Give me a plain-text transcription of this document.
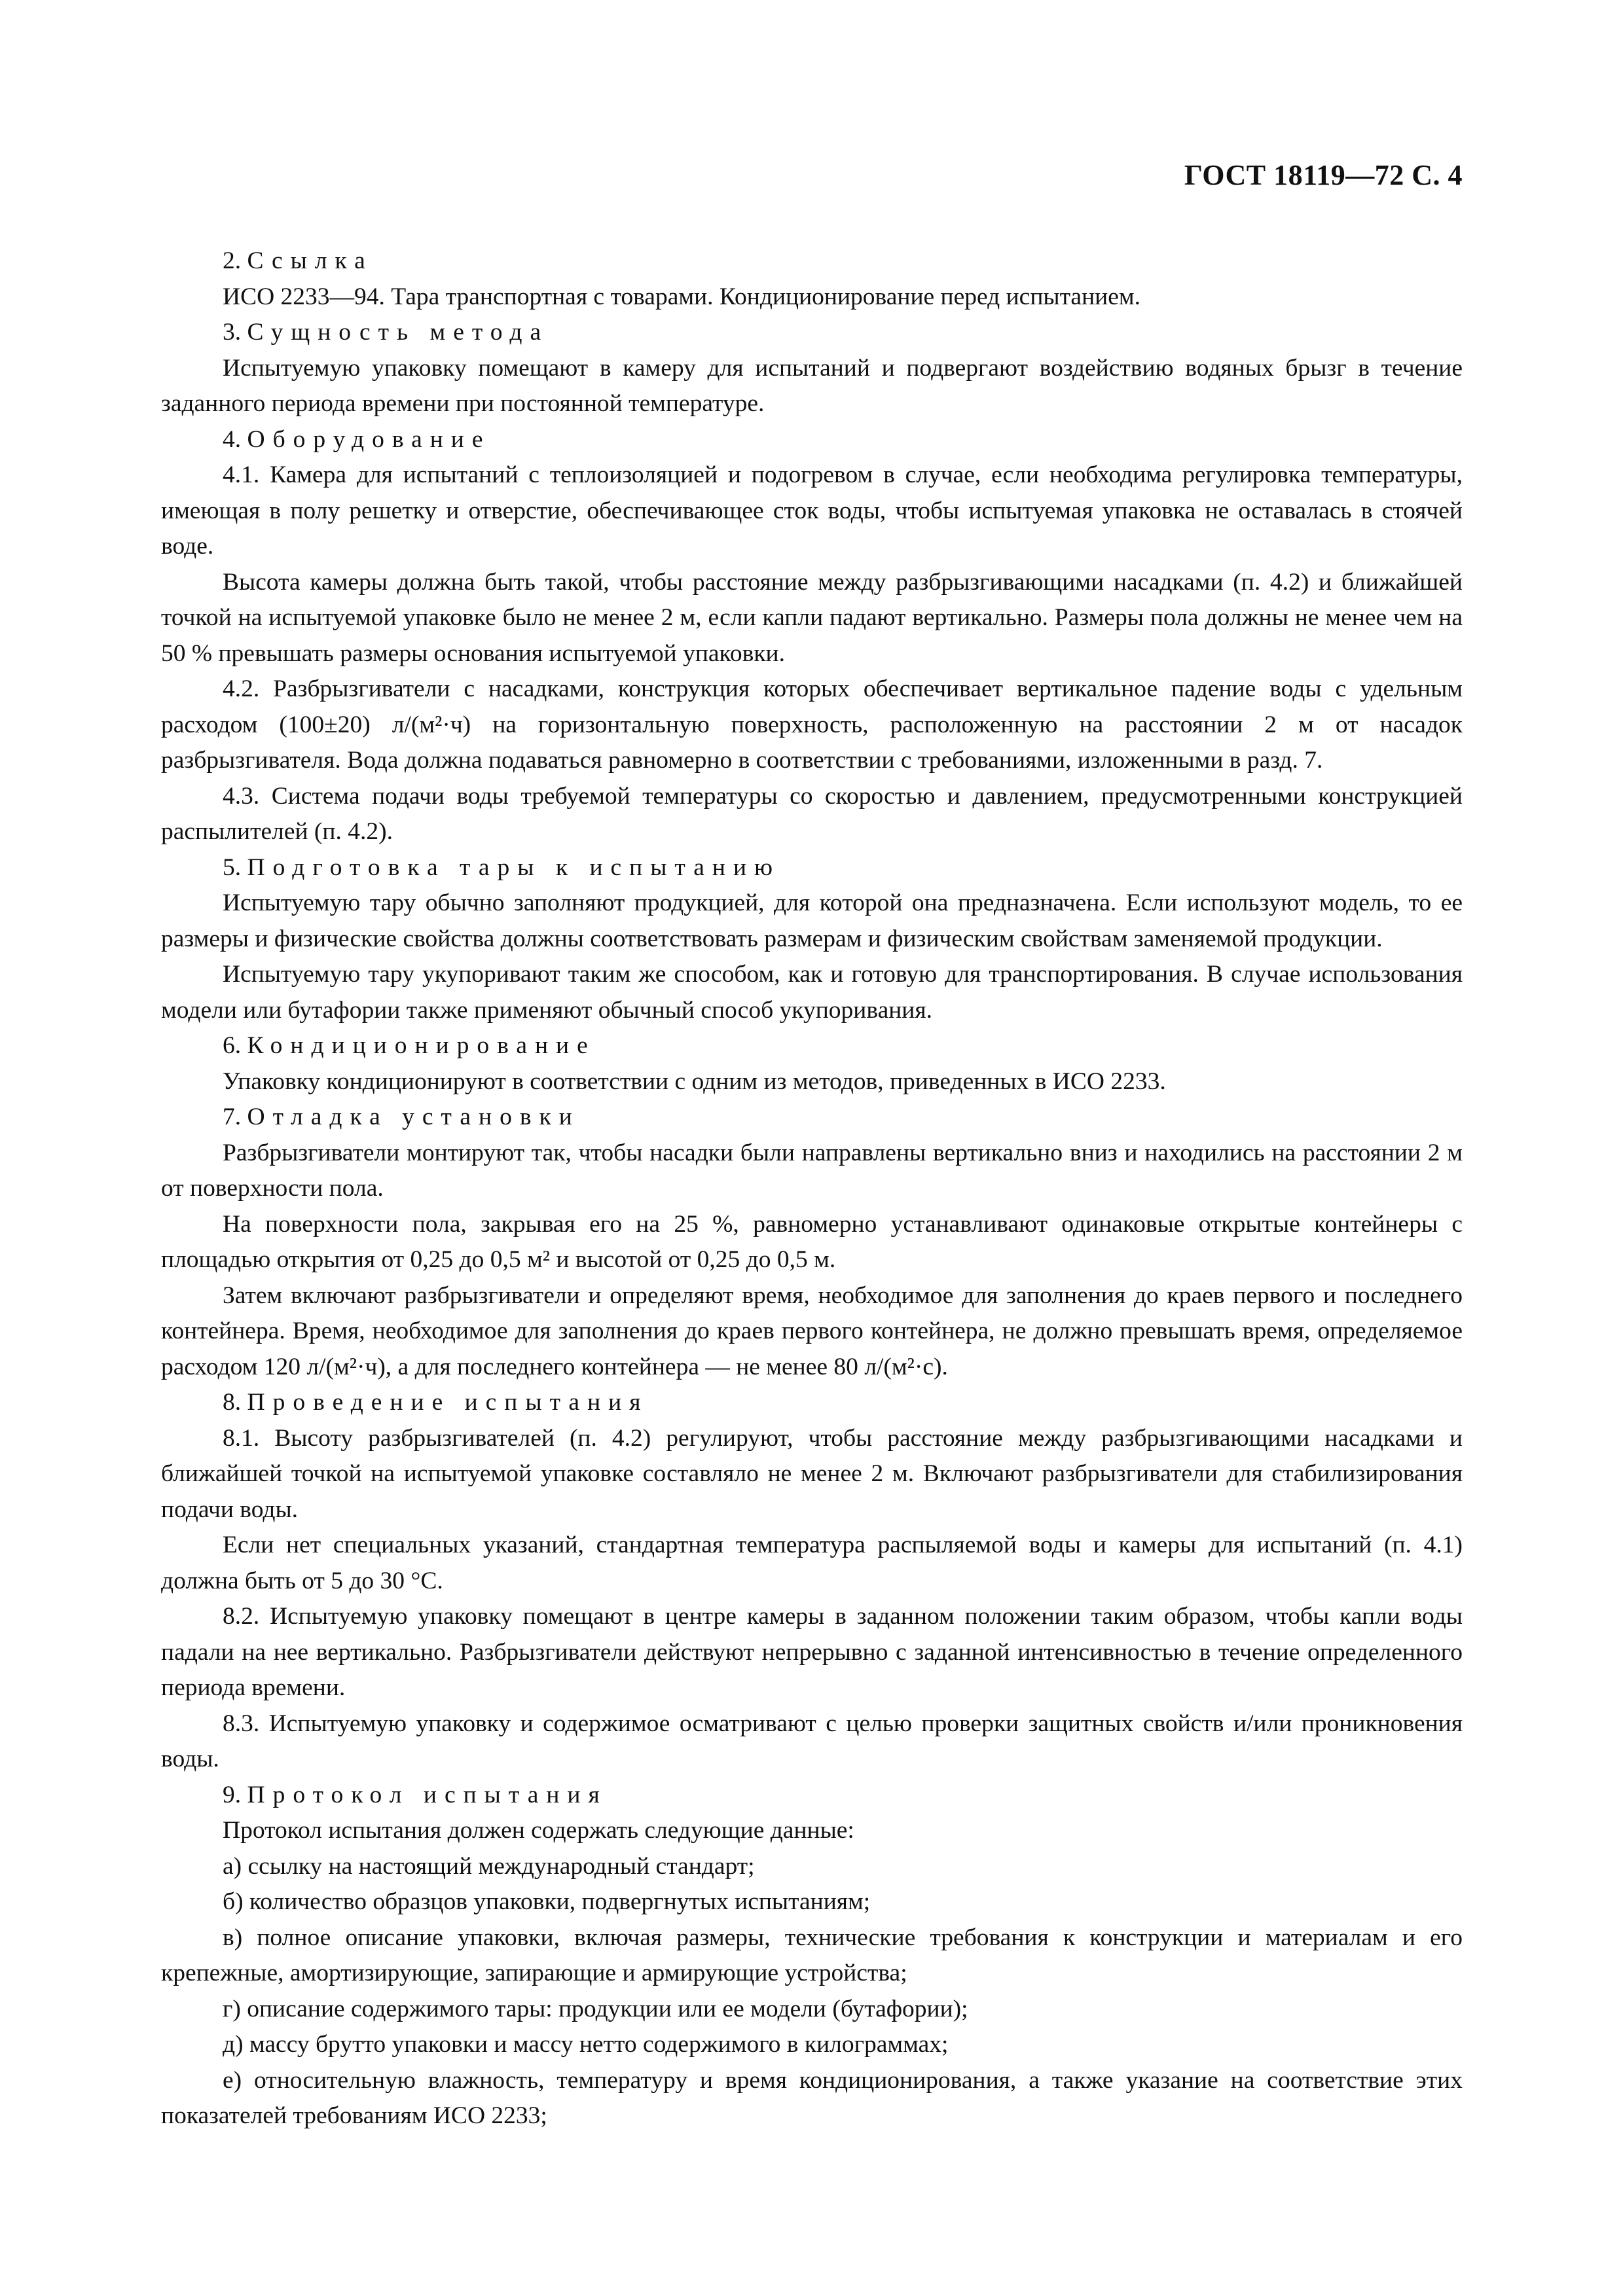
ГОСТ 18119—72 С. 4

2. Ссылка

ИСО 2233—94. Тара транспортная с товарами. Кондиционирование перед испытанием.

3. Сущность метода

Испытуемую упаковку помещают в камеру для испытаний и подвергают воздействию водяных брызг в течение заданного периода времени при постоянной температуре.

4. Оборудование

4.1. Камера для испытаний с теплоизоляцией и подогревом в случае, если необходима регулировка температуры, имеющая в полу решетку и отверстие, обеспечивающее сток воды, чтобы испытуемая упаковка не оставалась в стоячей воде.

Высота камеры должна быть такой, чтобы расстояние между разбрызгивающими насадками (п. 4.2) и ближайшей точкой на испытуемой упаковке было не менее 2 м, если капли падают вертикально. Размеры пола должны не менее чем на 50 % превышать размеры основания испытуемой упаковки.

4.2. Разбрызгиватели с насадками, конструкция которых обеспечивает вертикальное падение воды с удельным расходом (100±20) л/(м²·ч) на горизонтальную поверхность, расположенную на расстоянии 2 м от насадок разбрызгивателя. Вода должна подаваться равномерно в соответствии с требованиями, изложенными в разд. 7.

4.3. Система подачи воды требуемой температуры со скоростью и давлением, предусмотренными конструкцией распылителей (п. 4.2).

5. Подготовка тары к испытанию

Испытуемую тару обычно заполняют продукцией, для которой она предназначена. Если используют модель, то ее размеры и физические свойства должны соответствовать размерам и физическим свойствам заменяемой продукции.

Испытуемую тару укупоривают таким же способом, как и готовую для транспортирования. В случае использования модели или бутафории также применяют обычный способ укупоривания.

6. Кондиционирование

Упаковку кондиционируют в соответствии с одним из методов, приведенных в ИСО 2233.

7. Отладка установки

Разбрызгиватели монтируют так, чтобы насадки были направлены вертикально вниз и находились на расстоянии 2 м от поверхности пола.

На поверхности пола, закрывая его на 25 %, равномерно устанавливают одинаковые открытые контейнеры с площадью открытия от 0,25 до 0,5 м² и высотой от 0,25 до 0,5 м.

Затем включают разбрызгиватели и определяют время, необходимое для заполнения до краев первого и последнего контейнера. Время, необходимое для заполнения до краев первого контейнера, не должно превышать время, определяемое расходом 120 л/(м²·ч), а для последнего контейнера — не менее 80 л/(м²·с).

8. Проведение испытания

8.1. Высоту разбрызгивателей (п. 4.2) регулируют, чтобы расстояние между разбрызгивающими насадками и ближайшей точкой на испытуемой упаковке составляло не менее 2 м. Включают разбрызгиватели для стабилизирования подачи воды.

Если нет специальных указаний, стандартная температура распыляемой воды и камеры для испытаний (п. 4.1) должна быть от 5 до 30 °С.

8.2. Испытуемую упаковку помещают в центре камеры в заданном положении таким образом, чтобы капли воды падали на нее вертикально. Разбрызгиватели действуют непрерывно с заданной интенсивностью в течение определенного периода времени.

8.3. Испытуемую упаковку и содержимое осматривают с целью проверки защитных свойств и/или проникновения воды.

9. Протокол испытания

Протокол испытания должен содержать следующие данные:

а) ссылку на настоящий международный стандарт;

б) количество образцов упаковки, подвергнутых испытаниям;

в) полное описание упаковки, включая размеры, технические требования к конструкции и материалам и его крепежные, амортизирующие, запирающие и армирующие устройства;

г) описание содержимого тары: продукции или ее модели (бутафории);

д) массу брутто упаковки и массу нетто содержимого в килограммах;

е) относительную влажность, температуру и время кондиционирования, а также указание на соответствие этих показателей требованиям ИСО 2233;
